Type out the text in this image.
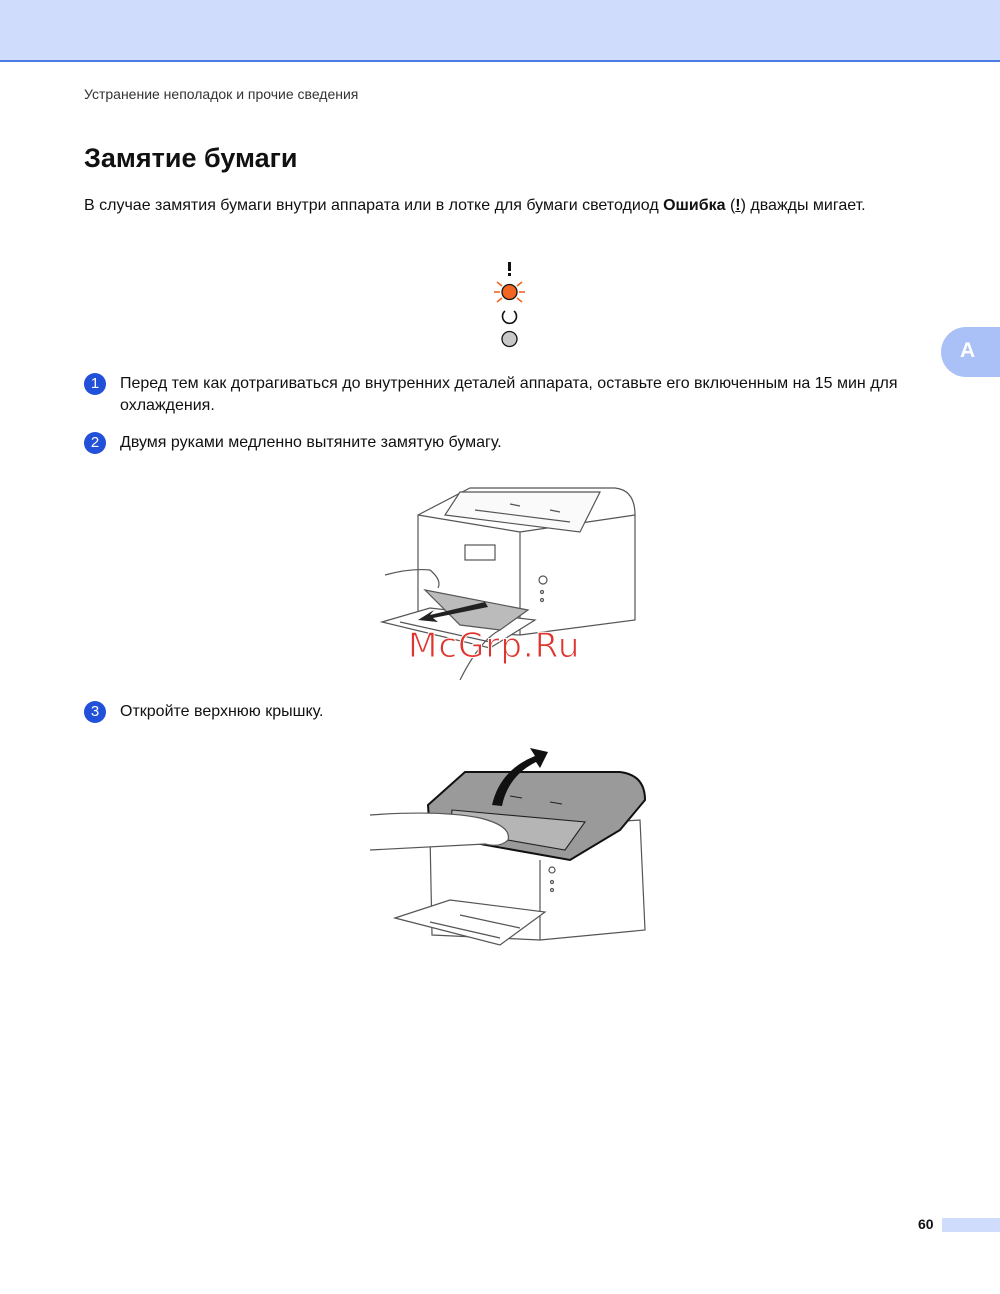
Устранение неполадок и прочие сведения
Замятие бумаги

В случае замятия бумаги внутри аппарата или в лотке для бумаги светодиод Ошибка (!) дважды мигает.

A
1	Перед тем как дотрагиваться до внутренних деталей аппарата, оставьте его включенным на 15 мин для охлаждения.
2	Двумя руками медленно вытяните замятую бумагу.
McGrp.Ru
3	Откройте верхнюю крышку.
60
